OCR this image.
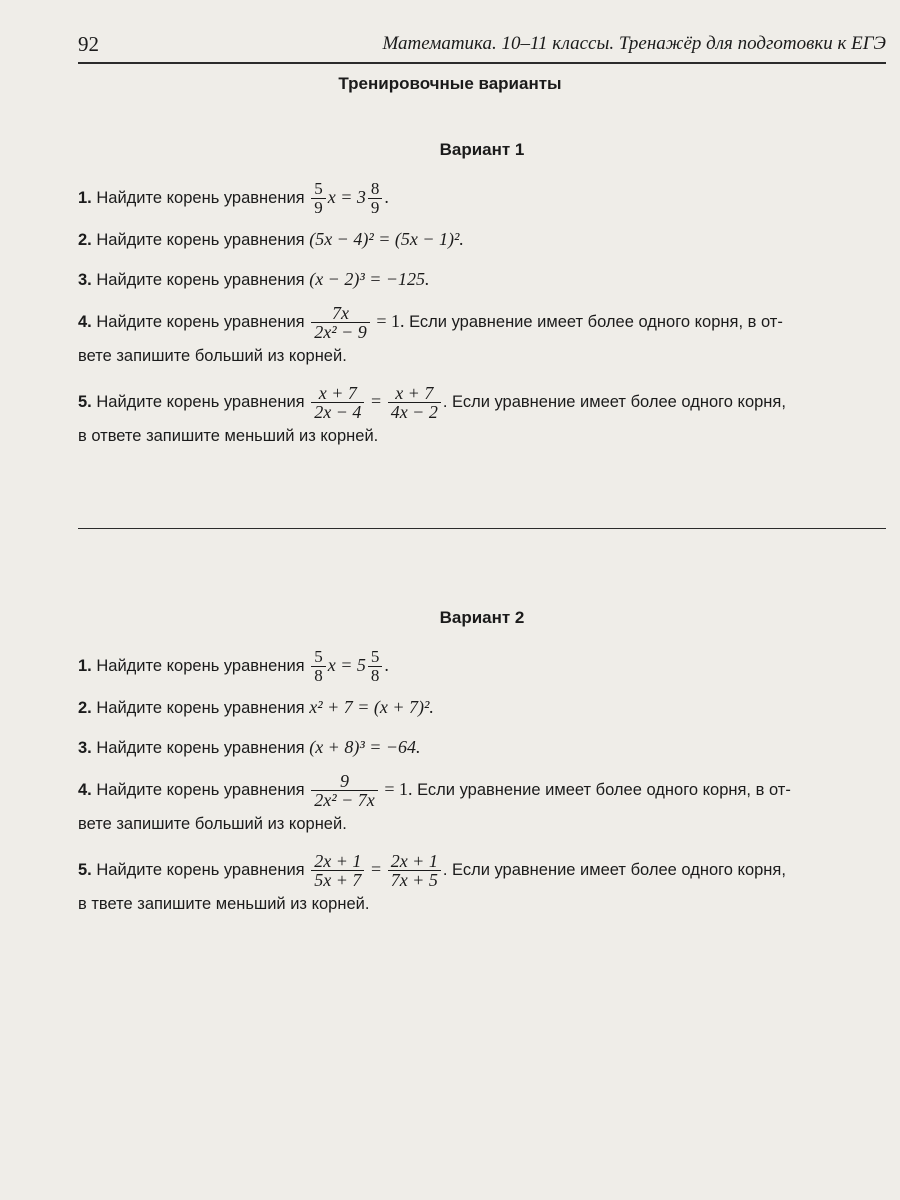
92	Математика. 10–11 классы. Тренажёр для подготовки к ЕГЭ
Тренировочные варианты
Вариант 1
1. Найдите корень уравнения $\frac{5}{9}$ $x = 3 \frac{8}{9}$ .
2. Найдите корень уравнения (5x − 4)² = (5x − 1)².
3. Найдите корень уравнения (x − 2)³ = −125.
4. Найдите корень уравнения $\frac{7x}{\text{2x² − 9}} = 1$. Если уравнение имеет более одного корня, в от-
вете запишите больший из корней.
5. Найдите корень уравнения $\frac{x + 7}{2x - 4} = \frac{x + 7}{4x - 2}$ . Если уравнение имеет более одного корня,
в ответе запишите меньший из корней.
Вариант 2
1. Найдите корень уравнения $\frac{5}{8}$ $x = 5 \frac{5}{8}$ .
2. Найдите корень уравнения x² + 7 = (x + 7)².
3. Найдите корень уравнения (x + 8)³ = −64.
4. Найдите корень уравнения $\frac{9}{\text{2x² − 7x}} = 1$. Если уравнение имеет более одного корня, в от-
вете запишите больший из корней.
5. Найдите корень уравнения $\frac{2x + 1}{5x + 7} = \frac{2x + 1}{7x + 5}$ . Если уравнение имеет более одного корня,
в твете запишите меньший из корней.
